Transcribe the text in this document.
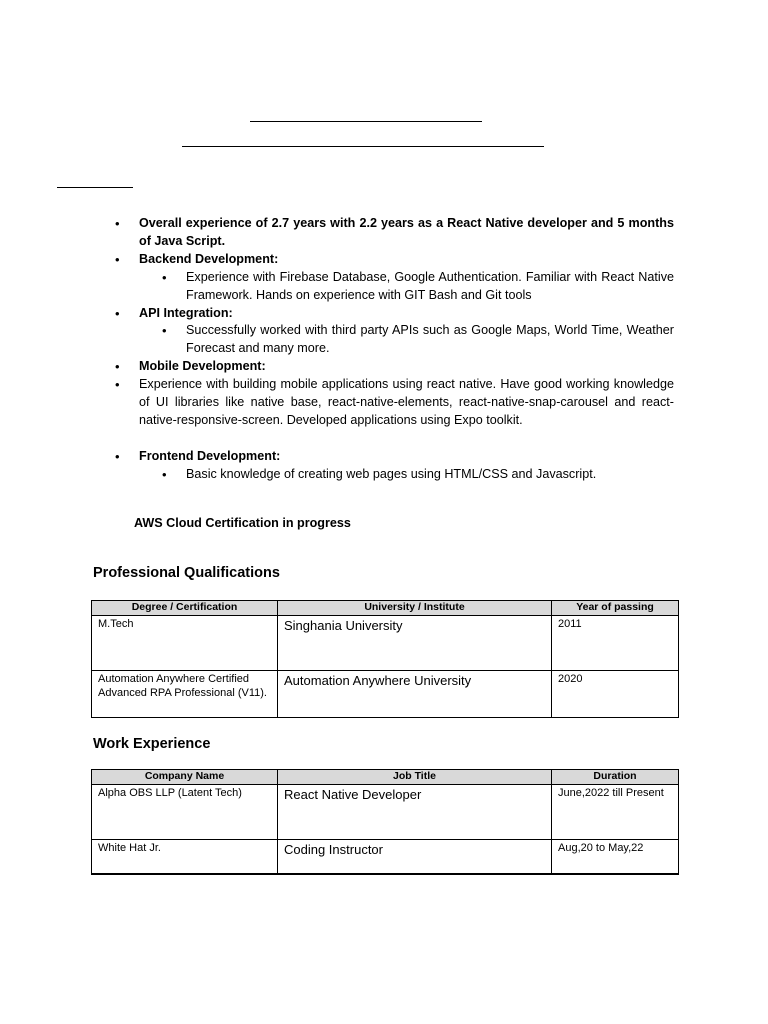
• Overall experience of 2.7 years with 2.2 years as a React Native developer and 5 months of Java Script.
• Backend Development:
• Experience with Firebase Database, Google Authentication. Familiar with React Native Framework. Hands on experience with GIT Bash and Git tools
• API Integration:
• Successfully worked with third party APIs such as Google Maps, World Time, Weather Forecast and many more.
• Mobile Development:
• Experience with building mobile applications using react native. Have good working knowledge of UI libraries like native base, react-native-elements, react-native-snap-carousel and react-native-responsive-screen. Developed applications using Expo toolkit.
• Frontend Development:
• Basic knowledge of creating web pages using HTML/CSS and Javascript.
AWS Cloud Certification in progress
Professional Qualifications
Degree / Certification	University / Institute	Year of passing
M.Tech	Singhania University	2011
Automation Anywhere Certified Advanced RPA Professional (V11).	Automation Anywhere University	2020
Work Experience
Company Name	Job Title	Duration
Alpha OBS LLP (Latent Tech)	React Native Developer	June,2022 till Present
White Hat Jr.	Coding Instructor	Aug,20 to May,22
